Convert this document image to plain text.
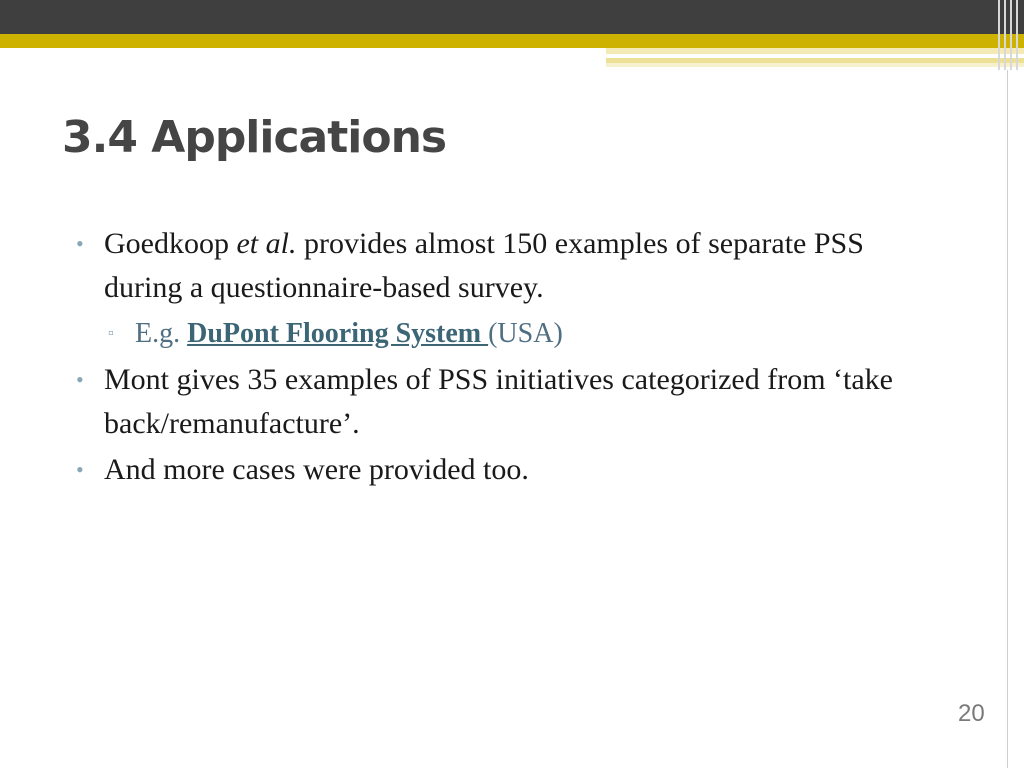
3.4 Applications
• Goedkoop et al. provides almost 150 examples of separate PSS during a questionnaire-based survey.
▫ E.g. DuPont Flooring System (USA)
• Mont gives 35 examples of PSS initiatives categorized from ‘take back/remanufacture’.
• And more cases were provided too.
20
